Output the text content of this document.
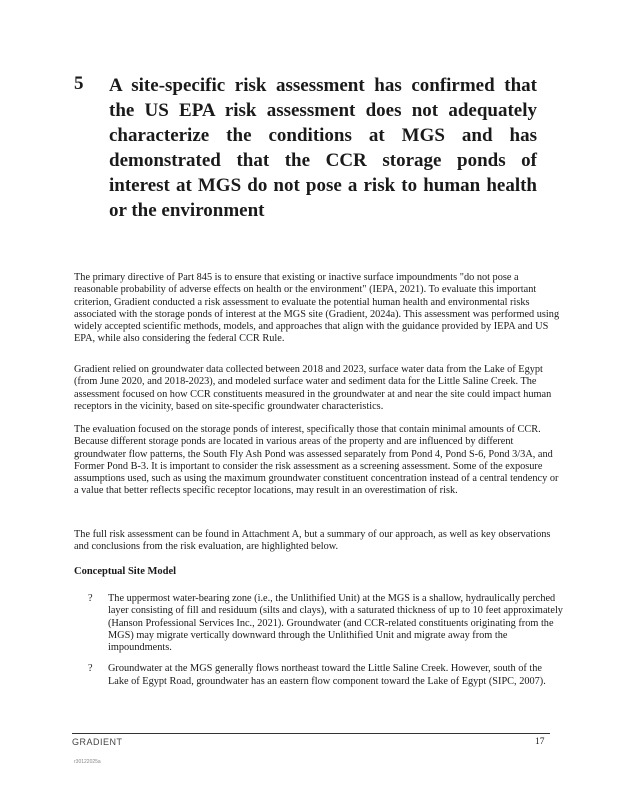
5 A site-specific risk assessment has confirmed that the US EPA risk assessment does not adequately characterize the conditions at MGS and has demonstrated that the CCR storage ponds of interest at MGS do not pose a risk to human health or the environment
The primary directive of Part 845 is to ensure that existing or inactive surface impoundments "do not pose a reasonable probability of adverse effects on health or the environment" (IEPA, 2021). To evaluate this important criterion, Gradient conducted a risk assessment to evaluate the potential human health and environmental risks associated with the storage ponds of interest at the MGS site (Gradient, 2024a). This assessment was performed using widely accepted scientific methods, models, and approaches that align with the guidance provided by IEPA and US EPA, while also considering the federal CCR Rule.
Gradient relied on groundwater data collected between 2018 and 2023, surface water data from the Lake of Egypt (from June 2020, and 2018-2023), and modeled surface water and sediment data for the Little Saline Creek. The assessment focused on how CCR constituents measured in the groundwater at and near the site could impact human receptors in the vicinity, based on site-specific groundwater characteristics.
The evaluation focused on the storage ponds of interest, specifically those that contain minimal amounts of CCR. Because different storage ponds are located in various areas of the property and are influenced by different groundwater flow patterns, the South Fly Ash Pond was assessed separately from Pond 4, Pond S-6, Pond 3/3A, and Former Pond B-3. It is important to consider the risk assessment as a screening assessment. Some of the exposure assumptions used, such as using the maximum groundwater constituent concentration instead of a central tendency or a value that better reflects specific receptor locations, may result in an overestimation of risk.
The full risk assessment can be found in Attachment A, but a summary of our approach, as well as key observations and conclusions from the risk evaluation, are highlighted below.
Conceptual Site Model
? The uppermost water-bearing zone (i.e., the Unlithified Unit) at the MGS is a shallow, hydraulically perched layer consisting of fill and residuum (silts and clays), with a saturated thickness of up to 10 feet approximately (Hanson Professional Services Inc., 2021). Groundwater (and CCR-related constituents originating from the MGS) may migrate vertically downward through the Unlithified Unit and migrate away from the impoundments.
? Groundwater at the MGS generally flows northeast toward the Little Saline Creek. However, south of the Lake of Egypt Road, groundwater has an eastern flow component toward the Lake of Egypt (SIPC, 2007).
GRADIENT	17
r30122025a
